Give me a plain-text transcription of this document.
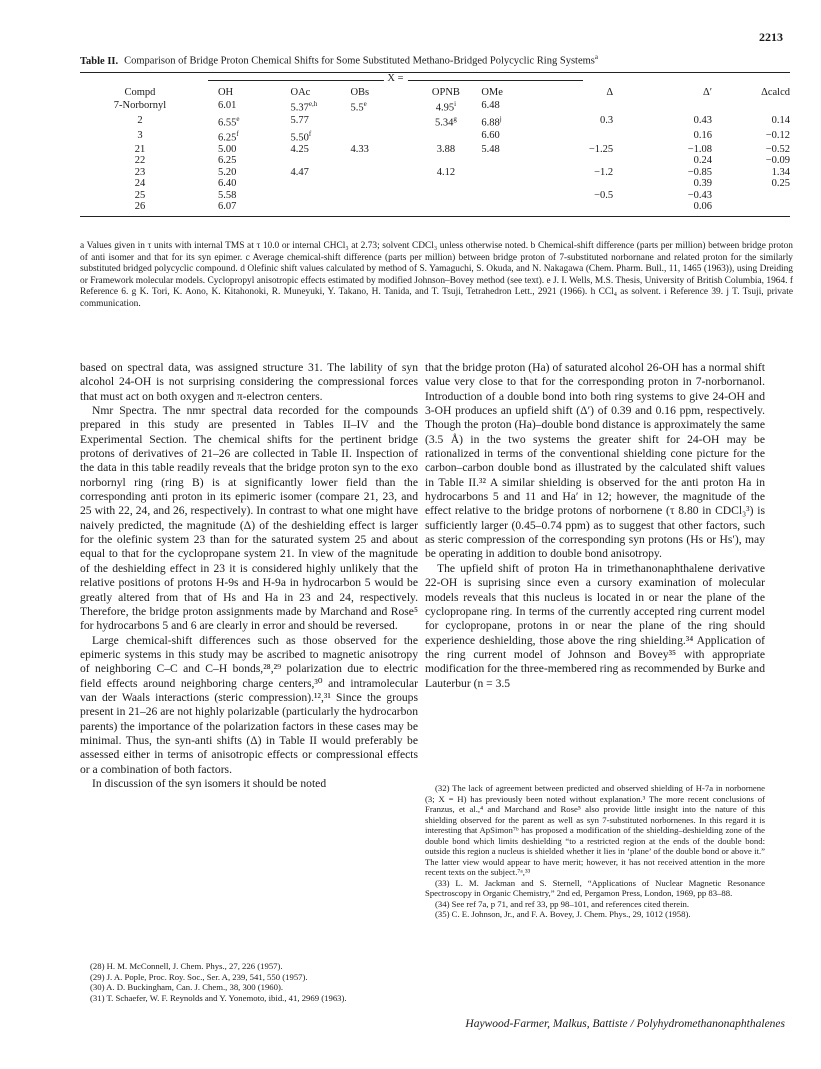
2213
Table II. Comparison of Bridge Proton Chemical Shifts for Some Substituted Methano-Bridged Polycyclic Ring Systems$^a$
X =
Compd	OH	OAc	OBs	OPNB	OMe	Δ	Δ′	Δcalcd
7-Norbornyl	6.01	5.37$^{e,h}$	5.5e	4.95$^i$	6.48			
2	6.55e	5.77		5.34$^g$	6.88$^j$	0.3	0.43	0.14
3	6.25$^f$	5.50$^f$			6.60		0.16	−0.12
21	5.00	4.25	4.33	3.88	5.48	−1.25	−1.08	−0.52
22	6.25						0.24	−0.09
23	5.20	4.47		4.12		−1.2	−0.85	1.34
24	6.40						0.39	0.25
25	5.58					−0.5	−0.43	
26	6.07						0.06	
a Values given in τ units with internal TMS at τ 10.0 or internal CHCl₃ at 2.73; solvent CDCl₃ unless otherwise noted. b Chemical-shift difference (parts per million) between bridge proton of anti isomer and that for its syn epimer. c Average chemical-shift difference (parts per million) between bridge proton of 7-substituted norbornane and related proton for the similarly substituted bridged polycyclic compound. d Olefinic shift values calculated by method of S. Yamaguchi, S. Okuda, and N. Nakagawa (Chem. Pharm. Bull., 11, 1465 (1963)), using Dreiding or Framework molecular models. Cyclopropyl anisotropic effects estimated by modified Johnson–Bovey method (see text). e J. I. Wells, M.S. Thesis, University of British Columbia, 1964. f Reference 6. g K. Tori, K. Aono, K. Kitahonoki, R. Muneyuki, Y. Takano, H. Tanida, and T. Tsuji, Tetrahedron Lett., 2921 (1966). h CCl₄ as solvent. i Reference 39. j T. Tsuji, private communication.

based on spectral data, was assigned structure 31. The lability of syn alcohol 24-OH is not surprising considering the compressional forces that must act on both oxygen and π-electron centers.

Nmr Spectra. The nmr spectral data recorded for the compounds prepared in this study are presented in Tables II–IV and the Experimental Section. The chemical shifts for the pertinent bridge protons of derivatives of 21–26 are collected in Table II. Inspection of the data in this table readily reveals that the bridge proton syn to the exo norbornyl ring (ring B) is at significantly lower field than the corresponding anti proton in its epimeric isomer (compare 21, 23, and 25 with 22, 24, and 26, respectively). In contrast to what one might have naively predicted, the magnitude (Δ) of the deshielding effect is larger for the olefinic system 23 than for the saturated system 25 and about equal to that for the cyclopropane system 21. In view of the magnitude of the deshielding effect in 23 it is considered highly unlikely that the relative positions of protons H-9s and H-9a in hydrocarbon 5 would be greatly altered from that of Hs and Ha in 23 and 24, respectively. Therefore, the bridge proton assignments made by Marchand and Rose⁵ for hydrocarbons 5 and 6 are clearly in error and should be reversed.

Large chemical-shift differences such as those observed for the epimeric systems in this study may be ascribed to magnetic anisotropy of neighboring C–C and C–H bonds,²⁸,²⁹ polarization due to electric field effects around neighboring charge centers,³⁰ and intramolecular van der Waals interactions (steric compression).¹²,³¹ Since the groups present in 21–26 are not highly polarizable (particularly the hydrocarbon parents) the importance of the polarization factors in these cases may be minimal. Thus, the syn-anti shifts (Δ) in Table II would preferably be assessed either in terms of anisotropic effects or compressional effects or a combination of both factors.

In discussion of the syn isomers it should be noted

(28) H. M. McConnell, J. Chem. Phys., 27, 226 (1957).

(29) J. A. Pople, Proc. Roy. Soc., Ser. A, 239, 541, 550 (1957).

(30) A. D. Buckingham, Can. J. Chem., 38, 300 (1960).

(31) T. Schaefer, W. F. Reynolds and Y. Yonemoto, ibid., 41, 2969 (1963).

that the bridge proton (Ha) of saturated alcohol 26-OH has a normal shift value very close to that for the corresponding proton in 7-norbornanol. Introduction of a double bond into both ring systems to give 24-OH and 3-OH produces an upfield shift (Δ′) of 0.39 and 0.16 ppm, respectively. Though the proton (Ha)–double bond distance is approximately the same (3.5 Å) in the two systems the greater shift for 24-OH may be rationalized in terms of the conventional shielding cone picture for the carbon–carbon double bond as illustrated by the calculated shift values in Table II.³² A similar shielding is observed for the anti proton Ha in hydrocarbons 5 and 11 and Ha′ in 12; however, the magnitude of the effect relative to the bridge protons of norbornene (τ 8.80 in CDCl₃³) is sufficiently larger (0.45–0.74 ppm) as to suggest that other factors, such as steric compression of the corresponding syn protons (Hs or Hs′), may be operating in addition to double bond anisotropy.

The upfield shift of proton Ha in trimethanonaphthalene derivative 22-OH is suprising since even a cursory examination of molecular models reveals that this nucleus is located in or near the plane of the cyclopropane ring. In terms of the currently accepted ring current model for cyclopropane, protons in or near the plane of the ring should experience deshielding, those above the ring shielding.³⁴ Application of the ring current model of Johnson and Bovey³⁵ with appropriate modification for the three-membered ring as recommended by Burke and Lauterbur (n = 3.5

(32) The lack of agreement between predicted and observed shielding of H-7a in norbornene (3; X = H) has previously been noted without explanation.³ The more recent conclusions of Franzus, et al.,⁴ and Marchand and Rose⁵ also provide little insight into the nature of this shielding observed for the parent as well as syn 7-substituted norbornenes. In this regard it is interesting that ApSimon⁷ᵇ has proposed a modification of the shielding–deshielding zone of the double bond which limits deshielding “to a restricted region at the ends of the double bond: outside this region a nucleus is shielded whether it lies in ‘plane’ of the double bond or above it.” The latter view would appear to have merit; however, it has not received attention in the more recent texts on the subject.⁷ᵃ,³³

(33) L. M. Jackman and S. Sternell, “Applications of Nuclear Magnetic Resonance Spectroscopy in Organic Chemistry,” 2nd ed, Pergamon Press, London, 1969, pp 83–88.

(34) See ref 7a, p 71, and ref 33, pp 98–101, and references cited therein.

(35) C. E. Johnson, Jr., and F. A. Bovey, J. Chem. Phys., 29, 1012 (1958).

Haywood-Farmer, Malkus, Battiste / Polyhydromethanonaphthalenes
